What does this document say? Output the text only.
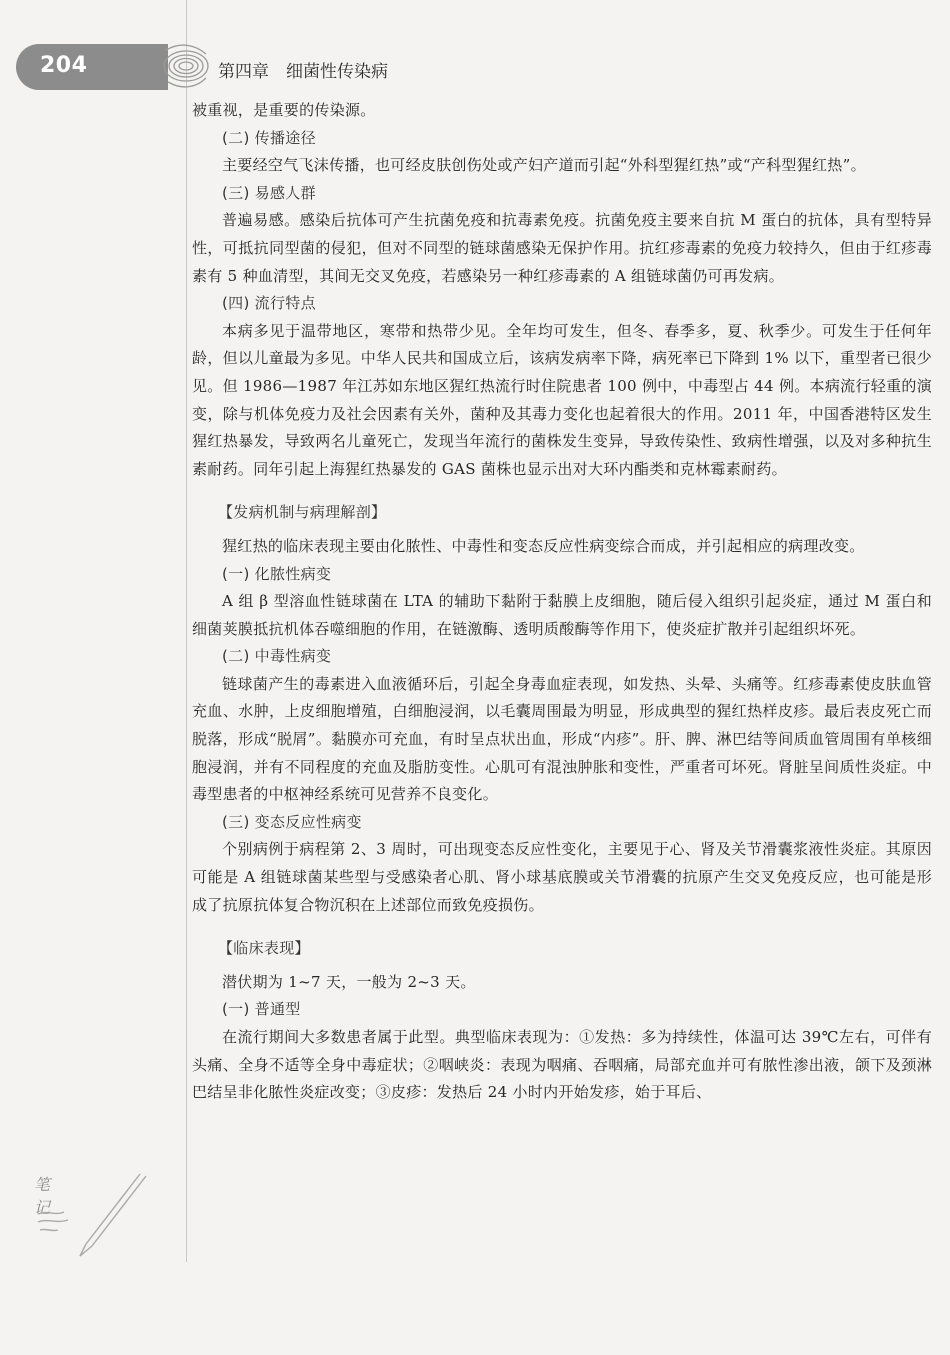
204	第四章　细菌性传染病

被重视，是重要的传染源。

(二) 传播途径

主要经空气飞沫传播，也可经皮肤创伤处或产妇产道而引起“外科型猩红热”或“产科型猩红热”。

(三) 易感人群

普遍易感。感染后抗体可产生抗菌免疫和抗毒素免疫。抗菌免疫主要来自抗 M 蛋白的抗体，具有型特异性，可抵抗同型菌的侵犯，但对不同型的链球菌感染无保护作用。抗红疹毒素的免疫力较持久，但由于红疹毒素有 5 种血清型，其间无交叉免疫，若感染另一种红疹毒素的 A 组链球菌仍可再发病。

(四) 流行特点

本病多见于温带地区，寒带和热带少见。全年均可发生，但冬、春季多，夏、秋季少。可发生于任何年龄，但以儿童最为多见。中华人民共和国成立后，该病发病率下降，病死率已下降到 1% 以下，重型者已很少见。但 1986—1987 年江苏如东地区猩红热流行时住院患者 100 例中，中毒型占 44 例。本病流行轻重的演变，除与机体免疫力及社会因素有关外，菌种及其毒力变化也起着很大的作用。2011 年，中国香港特区发生猩红热暴发，导致两名儿童死亡，发现当年流行的菌株发生变异，导致传染性、致病性增强，以及对多种抗生素耐药。同年引起上海猩红热暴发的 GAS 菌株也显示出对大环内酯类和克林霉素耐药。

【发病机制与病理解剖】

猩红热的临床表现主要由化脓性、中毒性和变态反应性病变综合而成，并引起相应的病理改变。

(一) 化脓性病变

A 组 β 型溶血性链球菌在 LTA 的辅助下黏附于黏膜上皮细胞，随后侵入组织引起炎症，通过 M 蛋白和细菌荚膜抵抗机体吞噬细胞的作用，在链激酶、透明质酸酶等作用下，使炎症扩散并引起组织坏死。

(二) 中毒性病变

链球菌产生的毒素进入血液循环后，引起全身毒血症表现，如发热、头晕、头痛等。红疹毒素使皮肤血管充血、水肿，上皮细胞增殖，白细胞浸润，以毛囊周围最为明显，形成典型的猩红热样皮疹。最后表皮死亡而脱落，形成“脱屑”。黏膜亦可充血，有时呈点状出血，形成“内疹”。肝、脾、淋巴结等间质血管周围有单核细胞浸润，并有不同程度的充血及脂肪变性。心肌可有混浊肿胀和变性，严重者可坏死。肾脏呈间质性炎症。中毒型患者的中枢神经系统可见营养不良变化。

(三) 变态反应性病变

个别病例于病程第 2、3 周时，可出现变态反应性变化，主要见于心、肾及关节滑囊浆液性炎症。其原因可能是 A 组链球菌某些型与受感染者心肌、肾小球基底膜或关节滑囊的抗原产生交叉免疫反应，也可能是形成了抗原抗体复合物沉积在上述部位而致免疫损伤。

【临床表现】

潜伏期为 1~7 天，一般为 2~3 天。

(一) 普通型

在流行期间大多数患者属于此型。典型临床表现为：①发热：多为持续性，体温可达 39℃左右，可伴有头痛、全身不适等全身中毒症状；②咽峡炎：表现为咽痛、吞咽痛，局部充血并可有脓性渗出液，颌下及颈淋巴结呈非化脓性炎症改变；③皮疹：发热后 24 小时内开始发疹，始于耳后、

笔记
